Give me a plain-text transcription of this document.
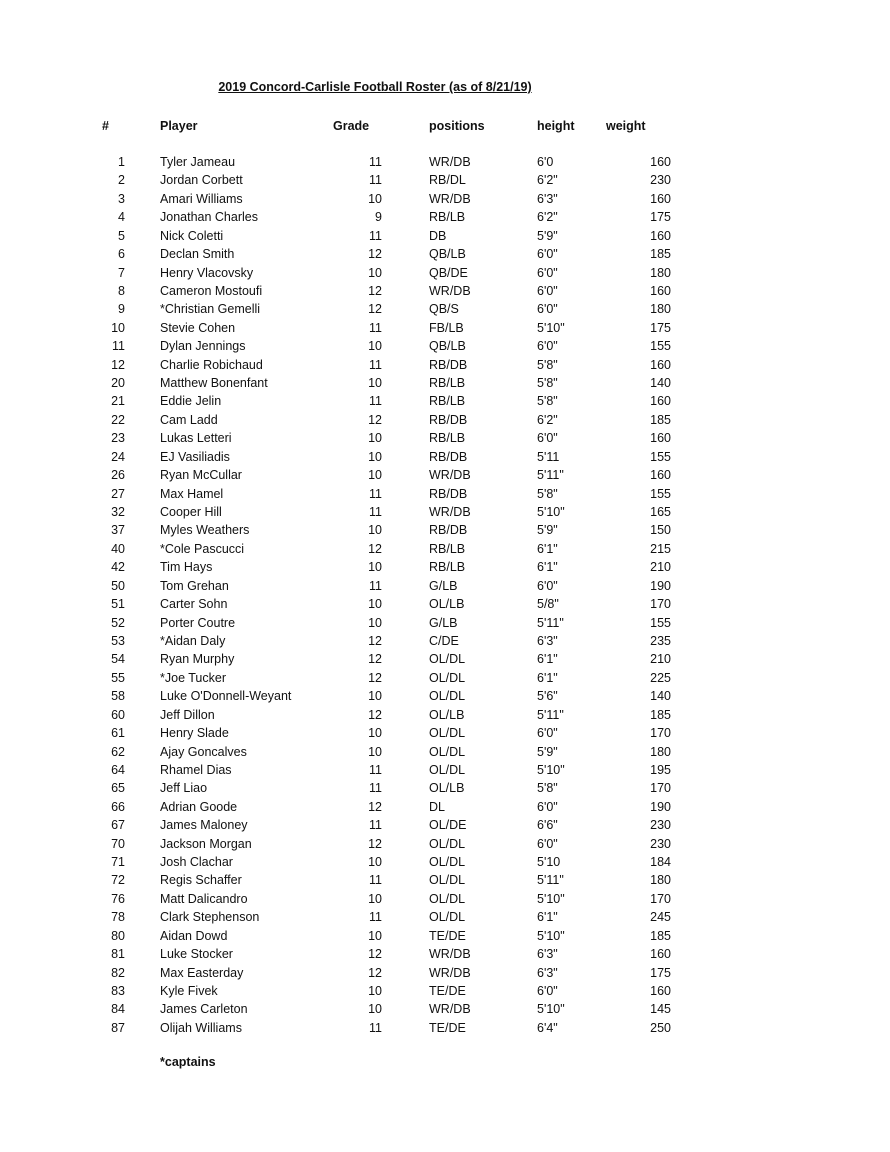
2019 Concord-Carlisle Football Roster (as of 8/21/19)
#	Player	Grade	positions	height	weight
1	Tyler Jameau	11	WR/DB	6'0	160
2	Jordan Corbett	11	RB/DL	6'2"	230
3	Amari Williams	10	WR/DB	6'3"	160
4	Jonathan Charles	9	RB/LB	6'2"	175
5	Nick Coletti	11	DB	5'9"	160
6	Declan Smith	12	QB/LB	6'0"	185
7	Henry Vlacovsky	10	QB/DE	6'0"	180
8	Cameron Mostoufi	12	WR/DB	6'0"	160
9	*Christian Gemelli	12	QB/S	6'0"	180
10	Stevie Cohen	11	FB/LB	5'10"	175
11	Dylan Jennings	10	QB/LB	6'0"	155
12	Charlie Robichaud	11	RB/DB	5'8"	160
20	Matthew Bonenfant	10	RB/LB	5'8"	140
21	Eddie Jelin	11	RB/LB	5'8"	160
22	Cam Ladd	12	RB/DB	6'2"	185
23	Lukas Letteri	10	RB/LB	6'0"	160
24	EJ Vasiliadis	10	RB/DB	5'11	155
26	Ryan McCullar	10	WR/DB	5'11"	160
27	Max Hamel	11	RB/DB	5'8"	155
32	Cooper Hill	11	WR/DB	5'10"	165
37	Myles Weathers	10	RB/DB	5'9"	150
40	*Cole Pascucci	12	RB/LB	6'1"	215
42	Tim Hays	10	RB/LB	6'1"	210
50	Tom Grehan	11	G/LB	6'0"	190
51	Carter Sohn	10	OL/LB	5/8"	170
52	Porter Coutre	10	G/LB	5'11"	155
53	*Aidan Daly	12	C/DE	6'3"	235
54	Ryan Murphy	12	OL/DL	6'1"	210
55	*Joe Tucker	12	OL/DL	6'1"	225
58	Luke O'Donnell-Weyant	10	OL/DL	5'6"	140
60	Jeff Dillon	12	OL/LB	5'11"	185
61	Henry Slade	10	OL/DL	6'0"	170
62	Ajay Goncalves	10	OL/DL	5'9"	180
64	Rhamel Dias	11	OL/DL	5'10"	195
65	Jeff Liao	11	OL/LB	5'8"	170
66	Adrian Goode	12	DL	6'0"	190
67	James Maloney	11	OL/DE	6'6"	230
70	Jackson Morgan	12	OL/DL	6'0"	230
71	Josh Clachar	10	OL/DL	5'10	184
72	Regis Schaffer	11	OL/DL	5'11"	180
76	Matt Dalicandro	10	OL/DL	5'10"	170
78	Clark Stephenson	11	OL/DL	6'1"	245
80	Aidan Dowd	10	TE/DE	5'10"	185
81	Luke Stocker	12	WR/DB	6'3"	160
82	Max Easterday	12	WR/DB	6'3"	175
83	Kyle Fivek	10	TE/DE	6'0"	160
84	James Carleton	10	WR/DB	5'10"	145
87	Olijah Williams	11	TE/DE	6'4"	250
*captains
